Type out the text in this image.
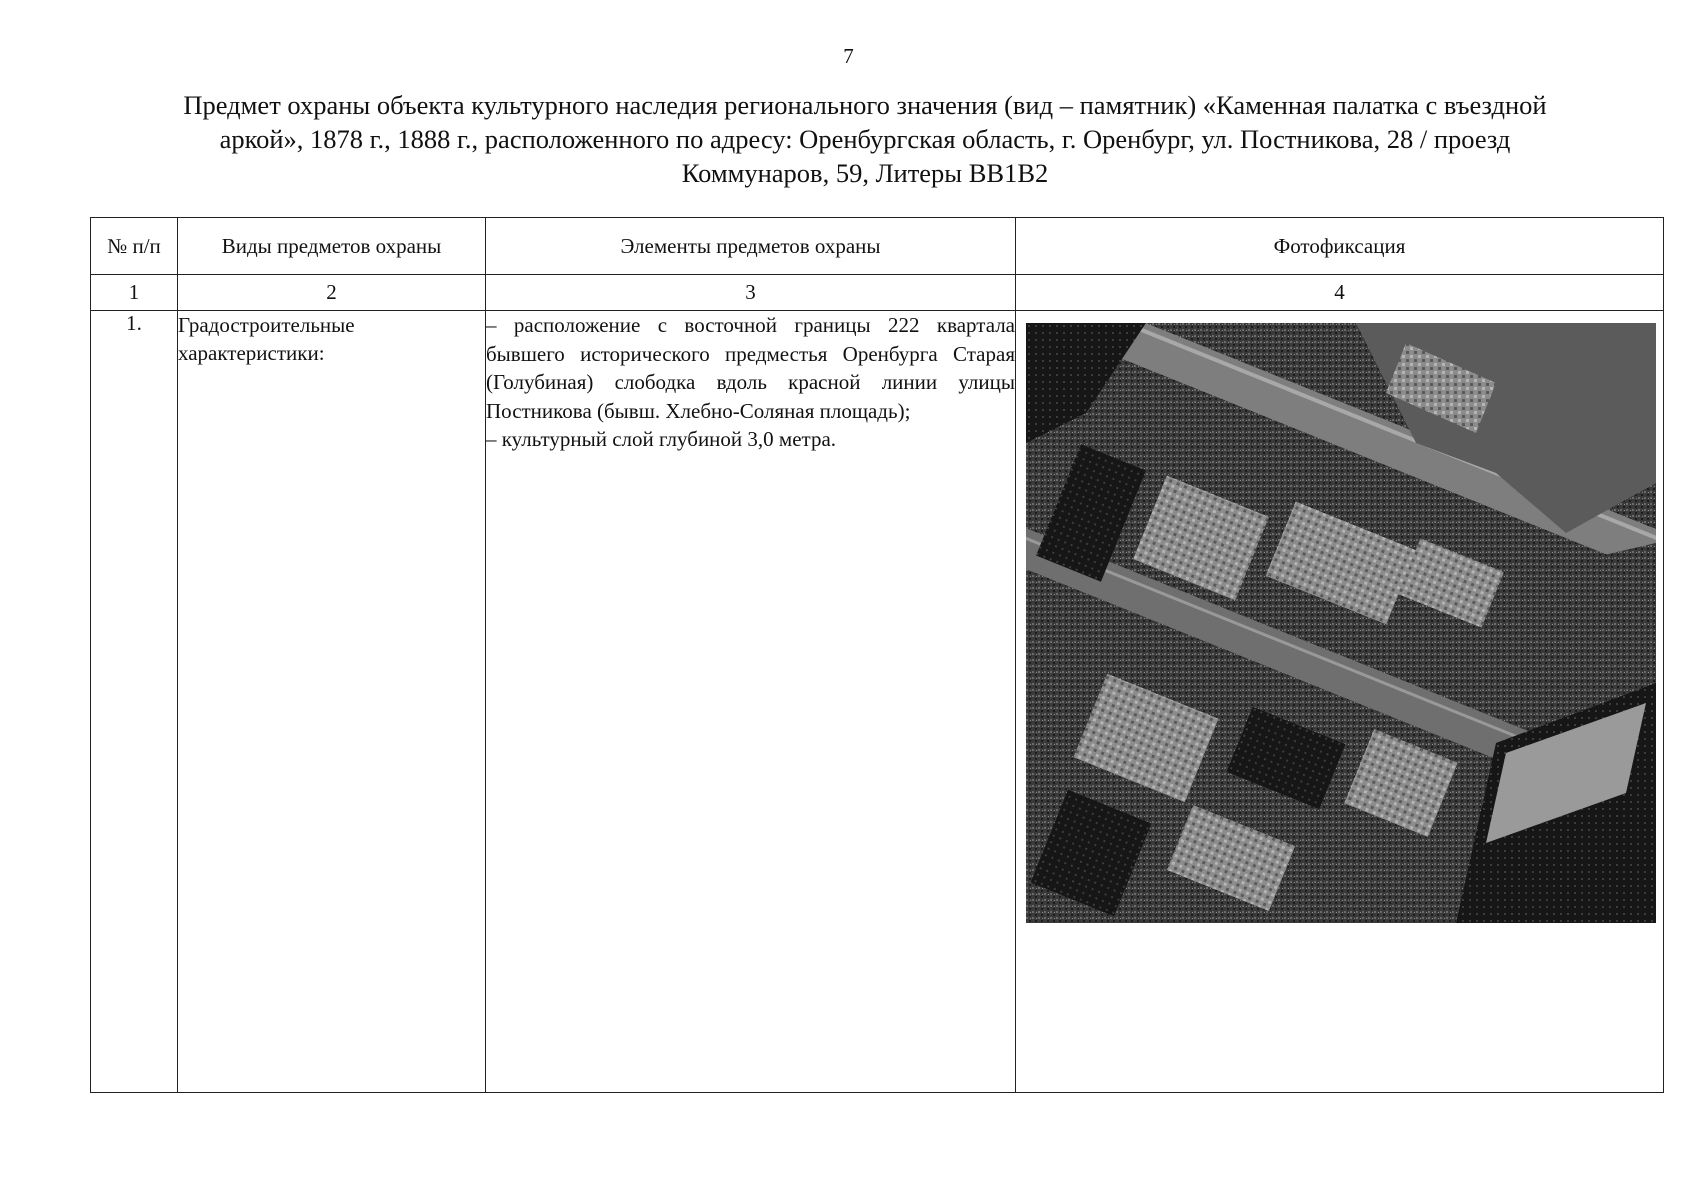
7
Предмет охраны объекта культурного наследия регионального значения (вид – памятник) «Каменная палатка с въездной
аркой», 1878 г., 1888 г., расположенного по адресу: Оренбургская область, г. Оренбург, ул. Постникова, 28 / проезд
Коммунаров, 59, Литеры ВВ1В2
№ п/п	Виды предметов охраны	Элементы предметов охраны	Фотофиксация
1	2	3	4
1.	Градостроительные характеристики:	– расположение с восточной границы 222 квартала бывшего исторического предместья Оренбурга Старая (Голубиная) слободка вдоль красной линии улицы Постникова (бывш. Хлебно-Соляная площадь);

– культурный слой глубиной 3,0 метра.
